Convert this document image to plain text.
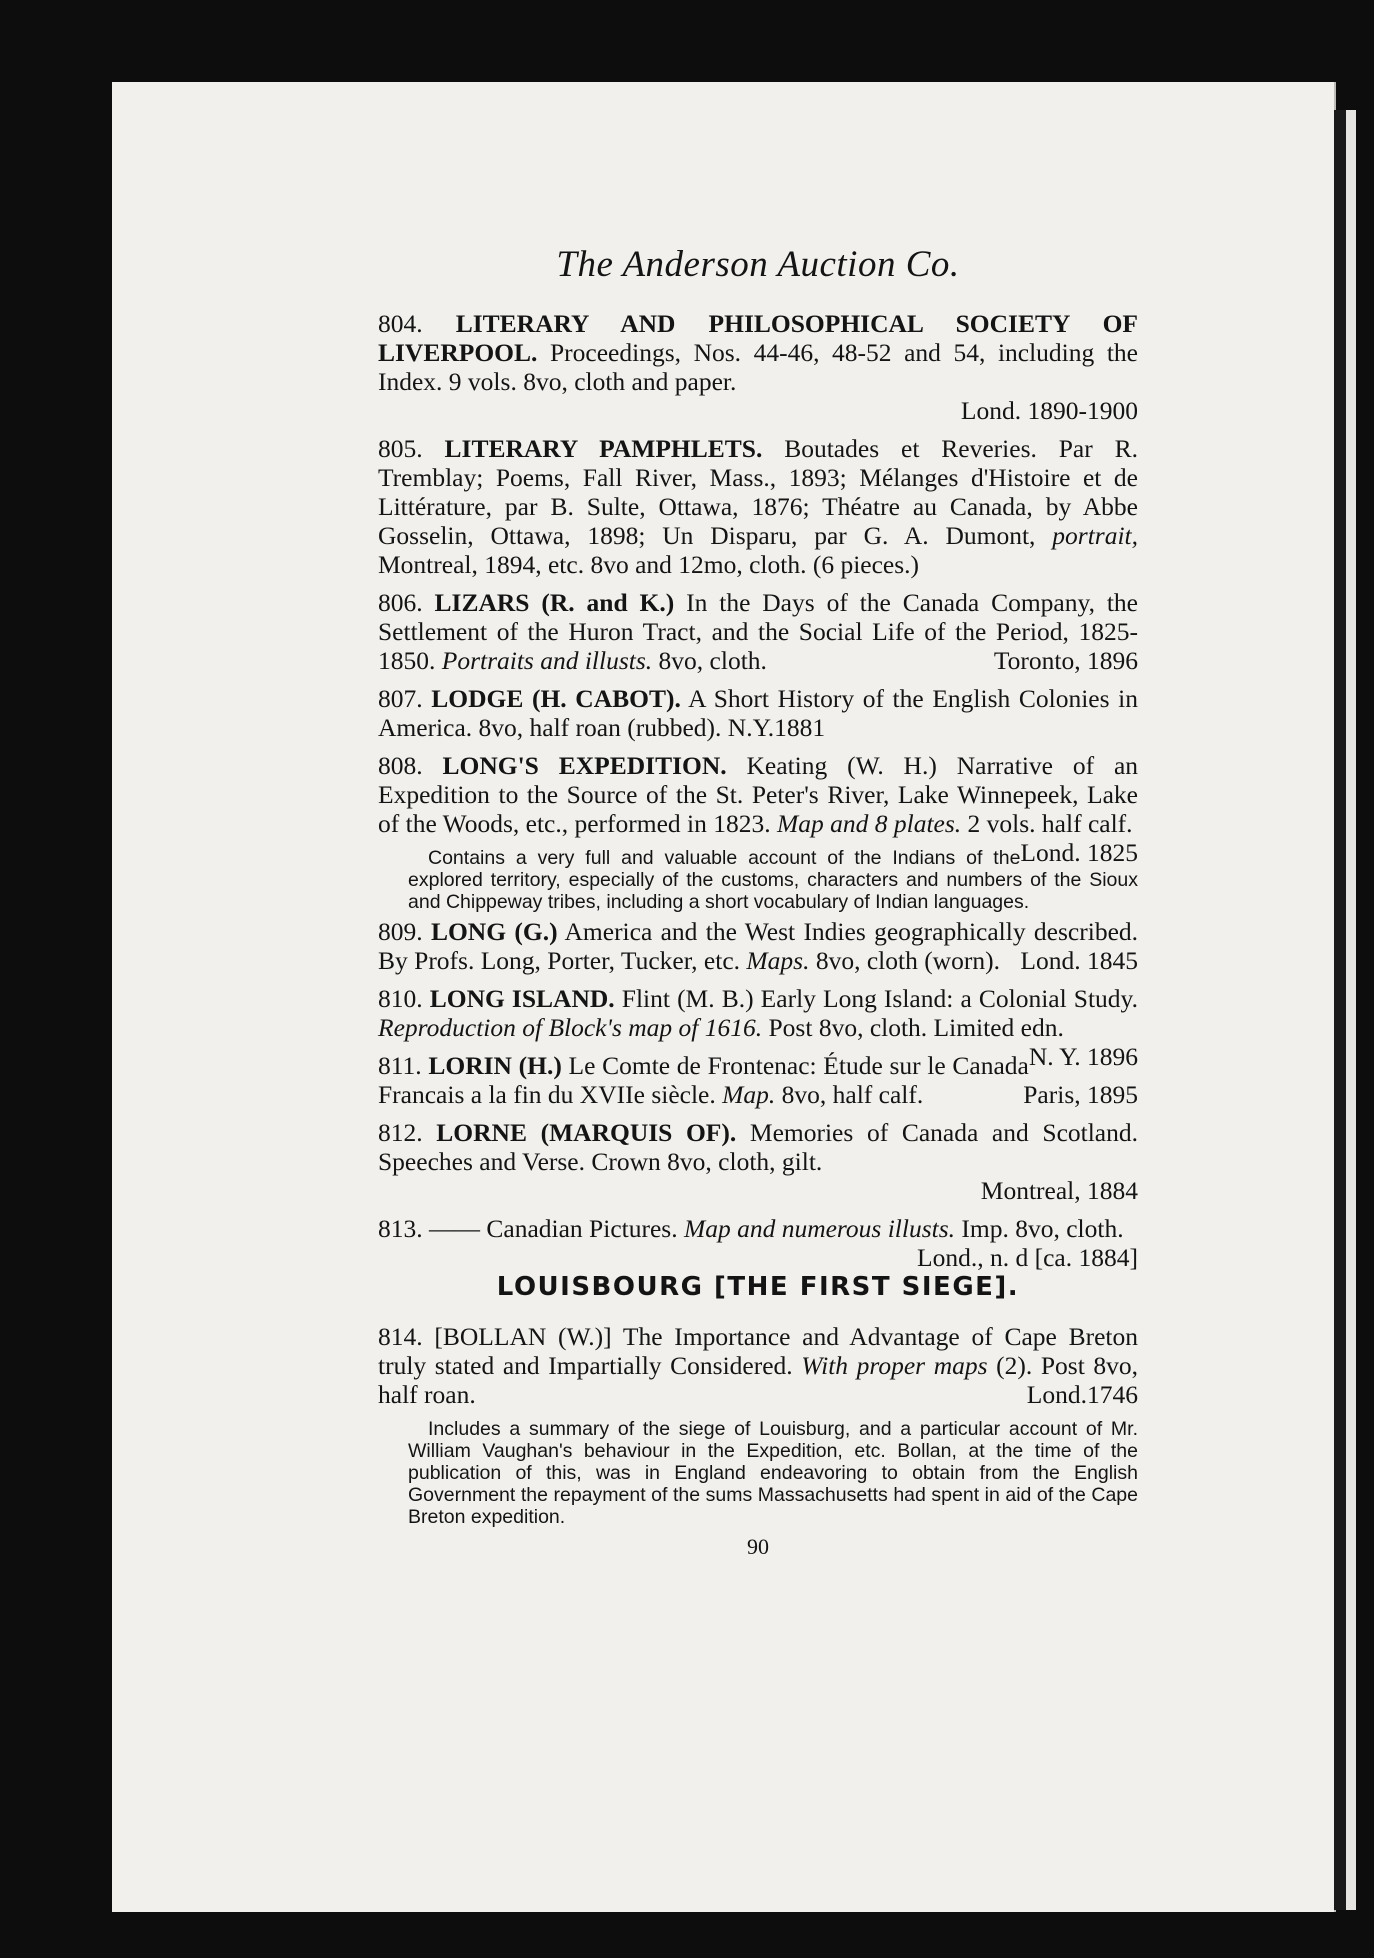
The Anderson Auction Co.

804. LITERARY AND PHILOSOPHICAL SOCIETY OF LIVERPOOL. Proceedings, Nos. 44-46, 48-52 and 54, including the Index. 9 vols. 8vo, cloth and paper.
Lond. 1890-1900

805. LITERARY PAMPHLETS. Boutades et Reveries. Par R. Tremblay; Poems, Fall River, Mass., 1893; Mélanges d'Histoire et de Littérature, par B. Sulte, Ottawa, 1876; Théatre au Canada, by Abbe Gosselin, Ottawa, 1898; Un Disparu, par G. A. Dumont, portrait, Montreal, 1894, etc. 8vo and 12mo, cloth. (6 pieces.)

806. LIZARS (R. and K.) In the Days of the Canada Company, the Settlement of the Huron Tract, and the Social Life of the Period, 1825-1850. Portraits and illusts. 8vo, cloth.	Toronto, 1896

807. LODGE (H. CABOT). A Short History of the English Colonies in America. 8vo, half roan (rubbed). N.Y.1881

808. LONG'S EXPEDITION. Keating (W. H.) Narrative of an Expedition to the Source of the St. Peter's River, Lake Winnepeek, Lake of the Woods, etc., performed in 1823. Map and 8 plates. 2 vols. half calf.
Lond. 1825

Contains a very full and valuable account of the Indians of the explored territory, especially of the customs, characters and numbers of the Sioux and Chippeway tribes, including a short vocabulary of Indian languages.

809. LONG (G.) America and the West Indies geographically described. By Profs. Long, Porter, Tucker, etc. Maps. 8vo, cloth (worn). Lond. 1845

810. LONG ISLAND. Flint (M. B.) Early Long Island: a Colonial Study. Reproduction of Block's map of 1616. Post 8vo, cloth. Limited edn.
N. Y. 1896

811. LORIN (H.) Le Comte de Frontenac: Étude sur le Canada Francais a la fin du XVIIe siècle. Map. 8vo, half calf.	Paris, 1895

812. LORNE (MARQUIS OF). Memories of Canada and Scotland. Speeches and Verse. Crown 8vo, cloth, gilt.
Montreal, 1884

813. —— Canadian Pictures. Map and numerous illusts. Imp. 8vo, cloth.
Lond., n. d [ca. 1884]

LOUISBOURG [THE FIRST SIEGE].

814. [BOLLAN (W.)] The Importance and Advantage of Cape Breton truly stated and Impartially Considered. With proper maps (2). Post 8vo, half roan.	Lond.1746

Includes a summary of the siege of Louisburg, and a particular account of Mr. William Vaughan's behaviour in the Expedition, etc. Bollan, at the time of the publication of this, was in England endeavoring to obtain from the English Government the repayment of the sums Massachusetts had spent in aid of the Cape Breton expedition.

90
